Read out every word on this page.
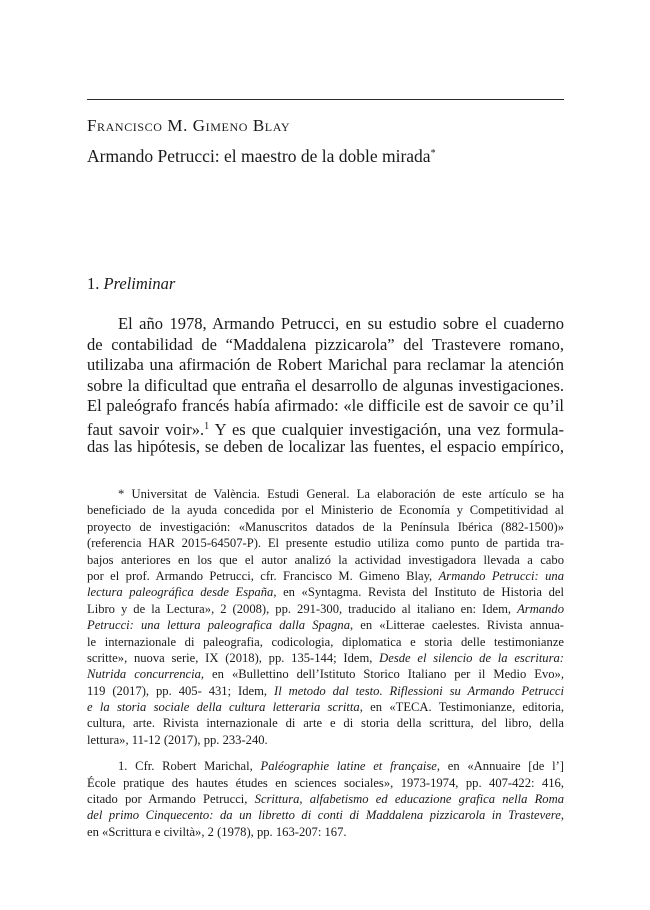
Francisco M. Gimeno Blay
Armando Petrucci: el maestro de la doble mirada*
1. Preliminar
El año 1978, Armando Petrucci, en su estudio sobre el cuaderno
de contabilidad de “Maddalena pizzicarola” del Trastevere romano,
utilizaba una afirmación de Robert Marichal para reclamar la atención
sobre la dificultad que entraña el desarrollo de algunas investigaciones.
El paleógrafo francés había afirmado: «le difficile est de savoir ce qu’il
faut savoir voir».$^1$ Y es que cualquier investigación, una vez formula-
das las hipótesis, se deben de localizar las fuentes, el espacio empírico,
* Universitat de València. Estudi General. La elaboración de este artículo se ha
beneficiado de la ayuda concedida por el Ministerio de Economía y Competitividad al
proyecto de investigación: «Manuscritos datados de la Península Ibérica (882-1500)»
(referencia HAR 2015-64507-P). El presente estudio utiliza como punto de partida tra-
bajos anteriores en los que el autor analizó la actividad investigadora llevada a cabo
por el prof. Armando Petrucci, cfr. Francisco M. Gimeno Blay, Armando Petrucci: una
lectura paleográfica desde España, en «Syntagma. Revista del Instituto de Historia del
Libro y de la Lectura», 2 (2008), pp. 291-300, traducido al italiano en: Idem, Armando
Petrucci: una lettura paleografica dalla Spagna, en «Litterae caelestes. Rivista annua-
le internazionale di paleografia, codicologia, diplomatica e storia delle testimonianze
scritte», nuova serie, IX (2018), pp. 135-144; Idem, Desde el silencio de la escritura:
Nutrida concurrencia, en «Bullettino dell’Istituto Storico Italiano per il Medio Evo»,
119 (2017), pp. 405- 431; Idem, Il metodo dal testo. Riflessioni su Armando Petrucci
e la storia sociale della cultura letteraria scritta, en «TECA. Testimonianze, editoria,
cultura, arte. Rivista internazionale di arte e di storia della scrittura, del libro, della
lettura», 11-12 (2017), pp. 233-240.
1. Cfr. Robert Marichal, Paléographie latine et française, en «Annuaire [de l’]
École pratique des hautes études en sciences sociales», 1973-1974, pp. 407-422: 416,
citado por Armando Petrucci, Scrittura, alfabetismo ed educazione grafica nella Roma
del primo Cinquecento: da un libretto di conti di Maddalena pizzicarola in Trastevere,
en «Scrittura e civiltà», 2 (1978), pp. 163-207: 167.
